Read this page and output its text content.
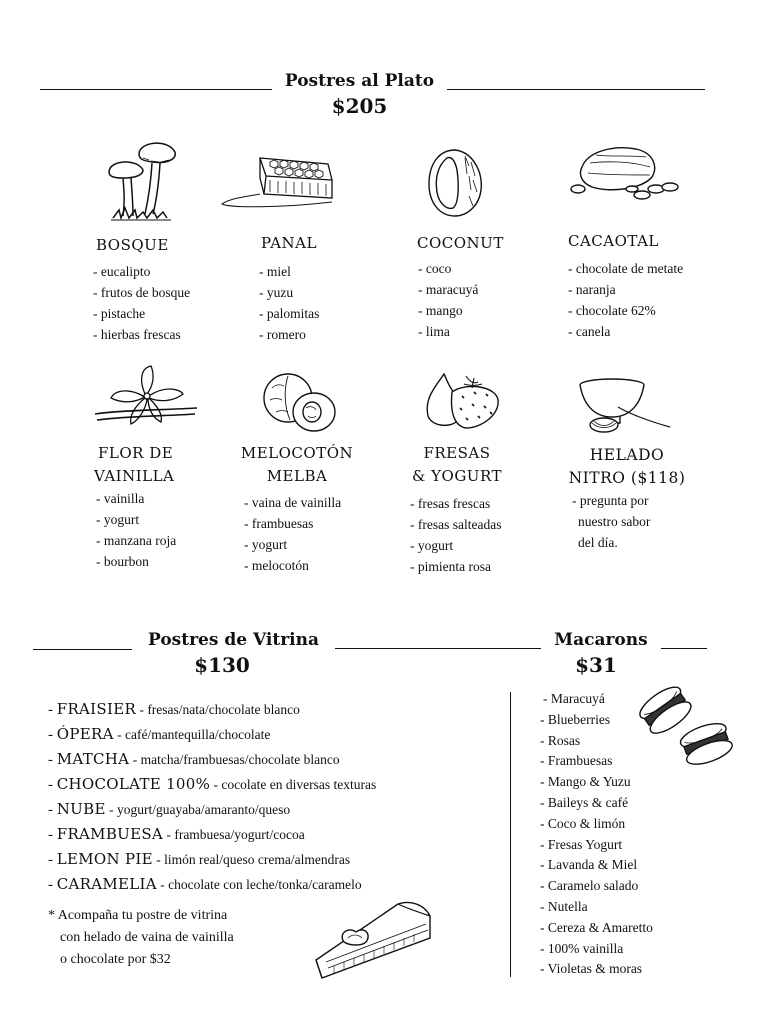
Postres al Plato
$205
BOSQUE	PANAL	COCONUT	CACAOTAL
- eucalipto
- frutos de bosque
- pistache
- hierbas frescas
- miel
- yuzu
- palomitas
- romero
- coco
- maracuyá
- mango
- lima
- chocolate de metate
- naranja
- chocolate 62%
- canela
FLOR DE
VAINILLA
MELOCOTÓN
MELBA
FRESAS
& YOGURT
HELADO
NITRO ($118)
- vainilla
- yogurt
- manzana roja
- bourbon
- vaina de vainilla
- frambuesas
- yogurt
- melocotón
- fresas frescas
- fresas salteadas
- yogurt
- pimienta rosa
- pregunta por
nuestro sabor
del día.
Postres de Vitrina
$130
- FRAISIER - fresas/nata/chocolate blanco
- ÓPERA - café/mantequilla/chocolate
- MATCHA - matcha/frambuesas/chocolate blanco
- CHOCOLATE 100% - cocolate en diversas texturas
- NUBE - yogurt/guayaba/amaranto/queso
- FRAMBUESA - frambuesa/yogurt/cocoa
- LEMON PIE - limón real/queso crema/almendras
- CARAMELIA - chocolate con leche/tonka/caramelo
* Acompaña tu postre de vitrina
con helado de vaina de vainilla
o chocolate por $32
Macarons
$31
- Maracuyá
- Blueberries
- Rosas
- Frambuesas
- Mango & Yuzu
- Baileys & café
- Coco & limón
- Fresas Yogurt
- Lavanda & Miel
- Caramelo salado
- Nutella
- Cereza & Amaretto
- 100% vainilla
- Violetas & moras
